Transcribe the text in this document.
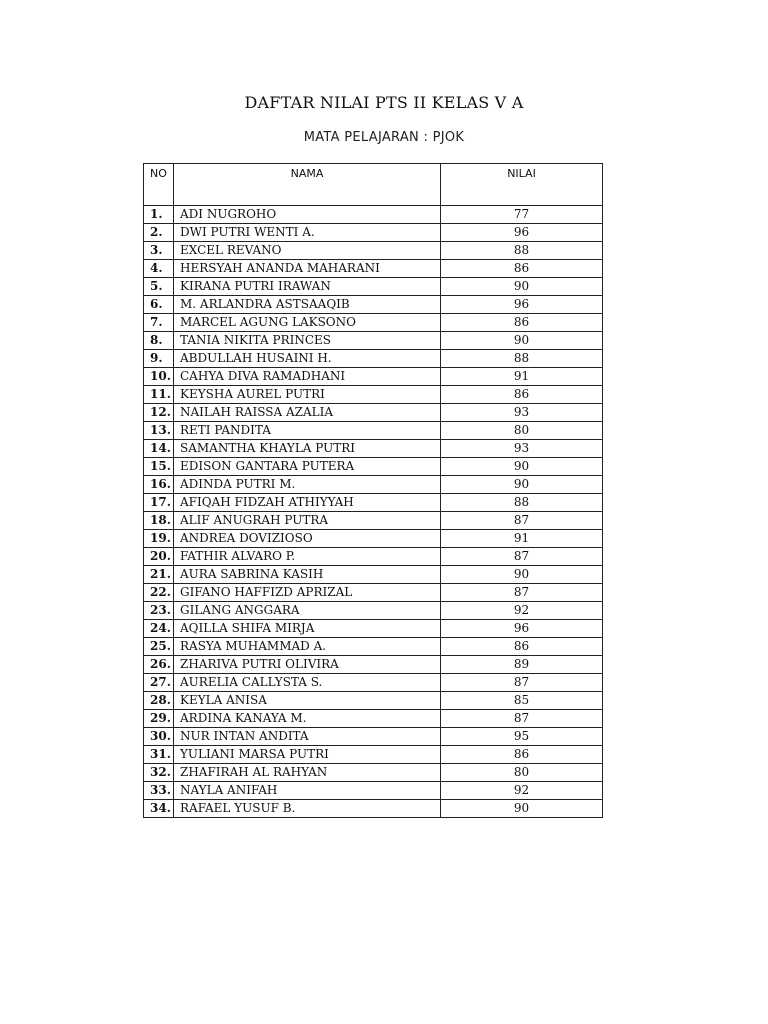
DAFTAR NILAI PTS II KELAS V A
MATA PELAJARAN : PJOK
NO	NAMA	NILAI
1.	ADI NUGROHO	77
2.	DWI PUTRI WENTI A.	96
3.	EXCEL REVANO	88
4.	HERSYAH ANANDA MAHARANI	86
5.	KIRANA PUTRI IRAWAN	90
6.	M. ARLANDRA ASTSAAQIB	96
7.	MARCEL AGUNG LAKSONO	86
8.	TANIA NIKITA PRINCES	90
9.	ABDULLAH HUSAINI H.	88
10.	CAHYA DIVA RAMADHANI	91
11.	KEYSHA AUREL PUTRI	86
12.	NAILAH RAISSA AZALIA	93
13.	RETI PANDITA	80
14.	SAMANTHA KHAYLA PUTRI	93
15.	EDISON GANTARA PUTERA	90
16.	ADINDA PUTRI M.	90
17.	AFIQAH FIDZAH ATHIYYAH	88
18.	ALIF ANUGRAH PUTRA	87
19.	ANDREA DOVIZIOSO	91
20.	FATHIR ALVARO P.	87
21.	AURA SABRINA KASIH	90
22.	GIFANO HAFFIZD APRIZAL	87
23.	GILANG ANGGARA	92
24.	AQILLA SHIFA MIRJA	96
25.	RASYA MUHAMMAD A.	86
26.	ZHARIVA PUTRI OLIVIRA	89
27.	AURELIA CALLYSTA S.	87
28.	KEYLA ANISA	85
29.	ARDINA KANAYA M.	87
30.	NUR INTAN ANDITA	95
31.	YULIANI MARSA PUTRI	86
32.	ZHAFIRAH AL RAHYAN	80
33.	NAYLA ANIFAH	92
34.	RAFAEL YUSUF B.	90
